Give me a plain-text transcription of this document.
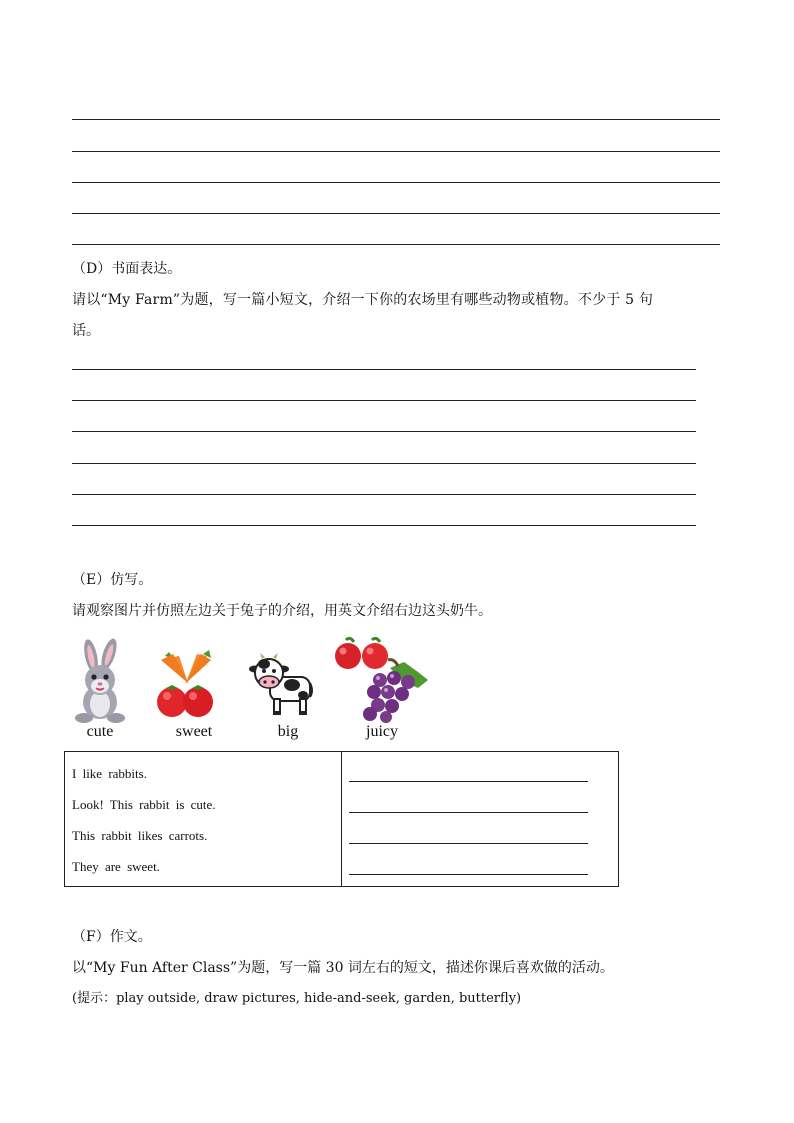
（D）书面表达。
请以“My Farm”为题，写一篇小短文，介绍一下你的农场里有哪些动物或植物。不少于 5 句
话。
（E）仿写。
请观察图片并仿照左边关于兔子的介绍，用英文介绍右边这头奶牛。
cute	sweet	big	juicy
I like rabbits.
Look! This rabbit is cute.
This rabbit likes carrots.
They are sweet.

（F）作文。
以“My Fun After Class”为题，写一篇 30 词左右的短文，描述你课后喜欢做的活动。
(提示：play outside, draw pictures, hide-and-seek, garden, butterfly)
